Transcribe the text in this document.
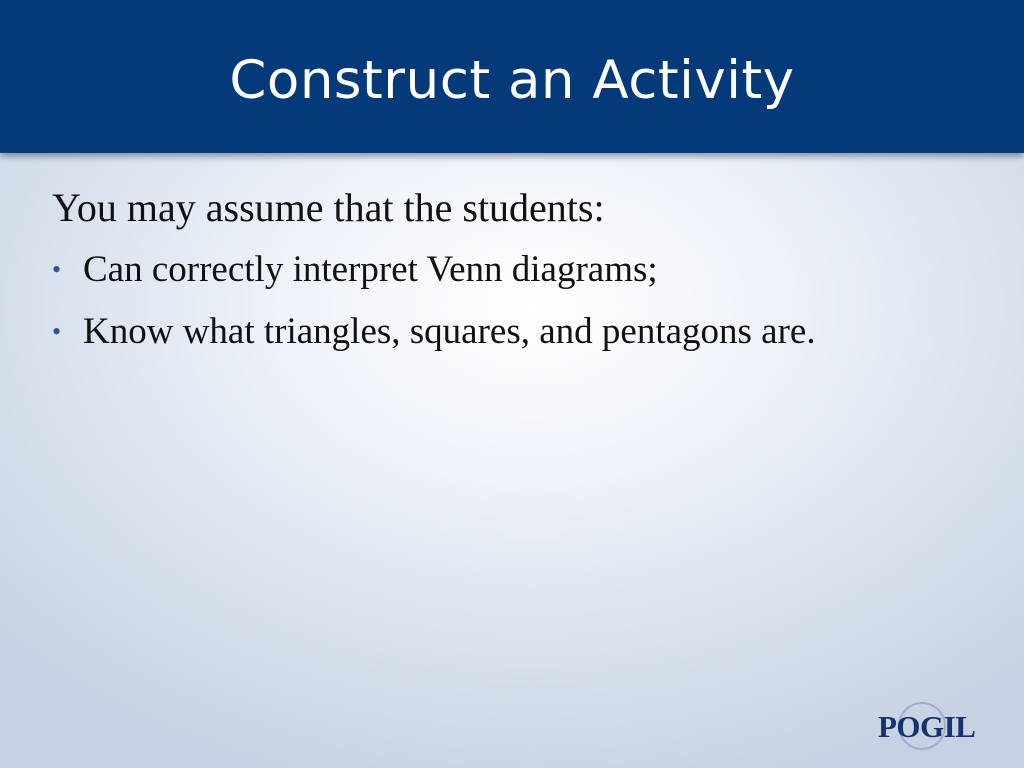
Construct an Activity

You may assume that the students:

• Can correctly interpret Venn diagrams;
• Know what triangles, squares, and pentagons are.
POGIL
